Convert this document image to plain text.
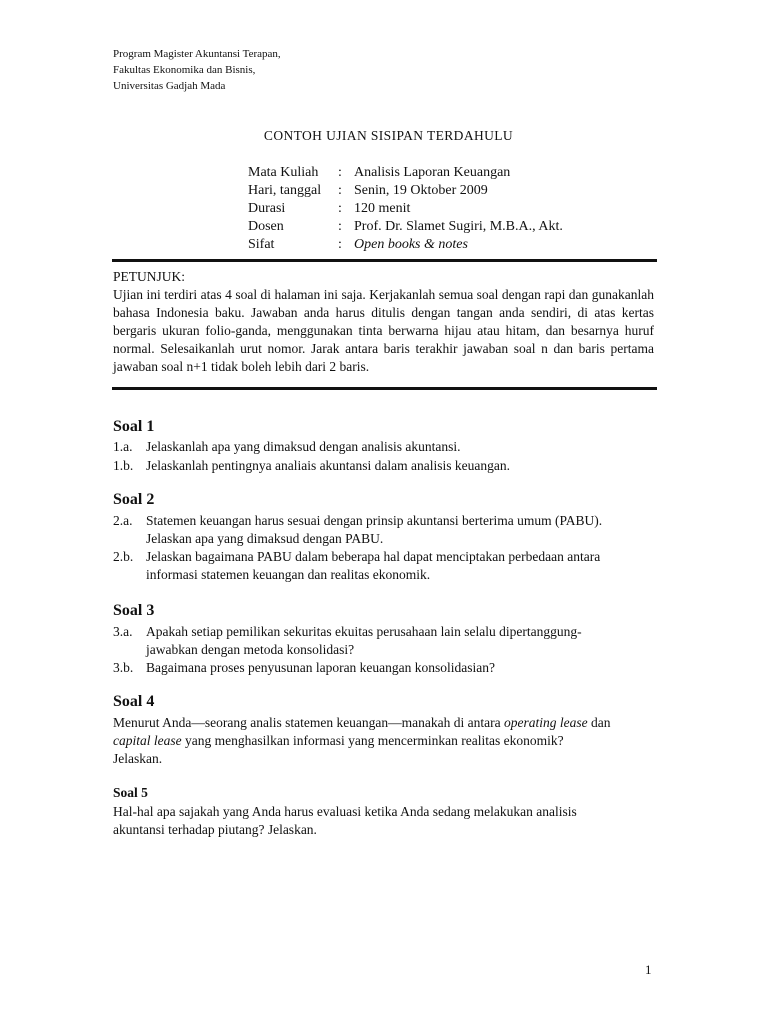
Program Magister Akuntansi Terapan,
Fakultas Ekonomika dan Bisnis,
Universitas Gadjah Mada
CONTOH UJIAN SISIPAN TERDAHULU
Mata Kuliah	: Analisis Laporan Keuangan
Hari, tanggal	: Senin, 19 Oktober 2009
Durasi	: 120 menit
Dosen	: Prof. Dr. Slamet Sugiri, M.B.A., Akt.
Sifat	: Open books & notes
PETUNJUK:
Ujian ini terdiri atas 4 soal di halaman ini saja. Kerjakanlah semua soal dengan rapi dan gunakanlah bahasa Indonesia baku. Jawaban anda harus ditulis dengan tangan anda sendiri, di atas kertas bergaris ukuran folio-ganda, menggunakan tinta berwarna hijau atau hitam, dan besarnya huruf normal. Selesaikanlah urut nomor. Jarak antara baris terakhir jawaban soal n dan baris pertama jawaban soal n+1 tidak boleh lebih dari 2 baris.
Soal 1
1.a. Jelaskanlah apa yang dimaksud dengan analisis akuntansi.
1.b. Jelaskanlah pentingnya analiais akuntansi dalam analisis keuangan.
Soal 2
2.a. Statemen keuangan harus sesuai dengan prinsip akuntansi berterima umum (PABU).
Jelaskan apa yang dimaksud dengan PABU.
2.b. Jelaskan bagaimana PABU dalam beberapa hal dapat menciptakan perbedaan antara
informasi statemen keuangan dan realitas ekonomik.
Soal 3
3.a. Apakah setiap pemilikan sekuritas ekuitas perusahaan lain selalu dipertanggung-
jawabkan dengan metoda konsolidasi?
3.b. Bagaimana proses penyusunan laporan keuangan konsolidasian?
Soal 4
Menurut Anda—seorang analis statemen keuangan—manakah di antara operating lease dan
capital lease yang menghasilkan informasi yang mencerminkan realitas ekonomik?
Jelaskan.
Soal 5
Hal-hal apa sajakah yang Anda harus evaluasi ketika Anda sedang melakukan analisis
akuntansi terhadap piutang? Jelaskan.
1
